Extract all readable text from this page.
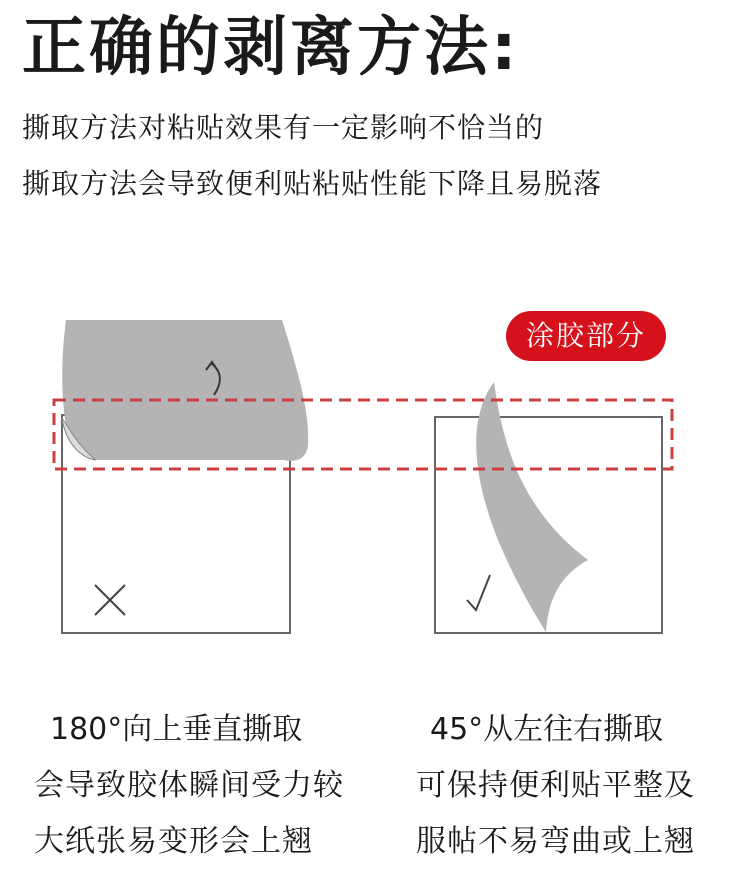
正确的剥离方法:
撕取方法对粘贴效果有一定影响不恰当的
撕取方法会导致便利贴粘贴性能下降且易脱落
涂胶部分
180°向上垂直撕取
会导致胶体瞬间受力较
大纸张易变形会上翘
45°从左往右撕取
可保持便利贴平整及
服帖不易弯曲或上翘
